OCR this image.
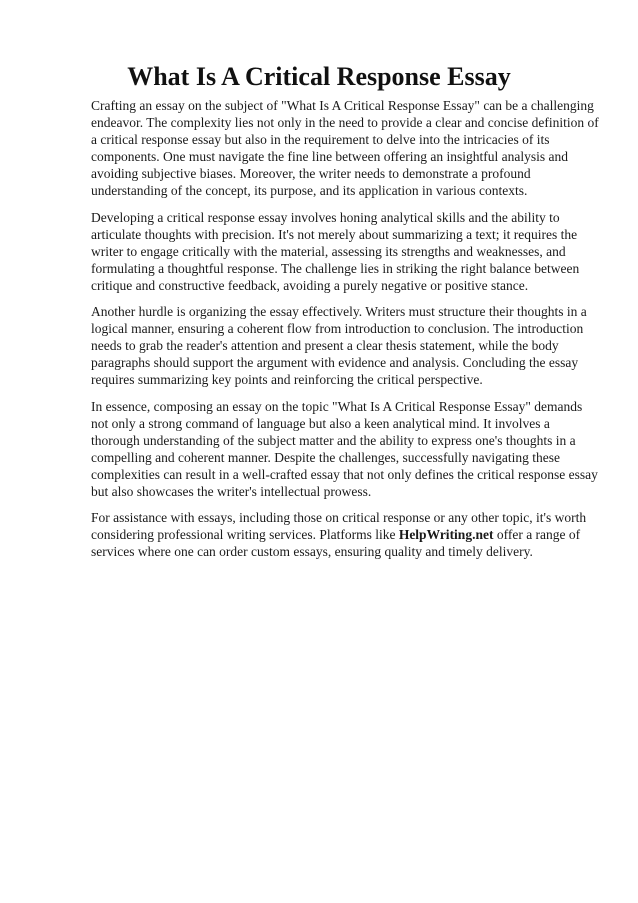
What Is A Critical Response Essay

Crafting an essay on the subject of "What Is A Critical Response Essay" can be a challenging endeavor. The complexity lies not only in the need to provide a clear and concise definition of a critical response essay but also in the requirement to delve into the intricacies of its components. One must navigate the fine line between offering an insightful analysis and avoiding subjective biases. Moreover, the writer needs to demonstrate a profound understanding of the concept, its purpose, and its application in various contexts.

Developing a critical response essay involves honing analytical skills and the ability to articulate thoughts with precision. It's not merely about summarizing a text; it requires the writer to engage critically with the material, assessing its strengths and weaknesses, and formulating a thoughtful response. The challenge lies in striking the right balance between critique and constructive feedback, avoiding a purely negative or positive stance.

Another hurdle is organizing the essay effectively. Writers must structure their thoughts in a logical manner, ensuring a coherent flow from introduction to conclusion. The introduction needs to grab the reader's attention and present a clear thesis statement, while the body paragraphs should support the argument with evidence and analysis. Concluding the essay requires summarizing key points and reinforcing the critical perspective.

In essence, composing an essay on the topic "What Is A Critical Response Essay" demands not only a strong command of language but also a keen analytical mind. It involves a thorough understanding of the subject matter and the ability to express one's thoughts in a compelling and coherent manner. Despite the challenges, successfully navigating these complexities can result in a well-crafted essay that not only defines the critical response essay but also showcases the writer's intellectual prowess.

For assistance with essays, including those on critical response or any other topic, it's worth considering professional writing services. Platforms like HelpWriting.net offer a range of services where one can order custom essays, ensuring quality and timely delivery.
